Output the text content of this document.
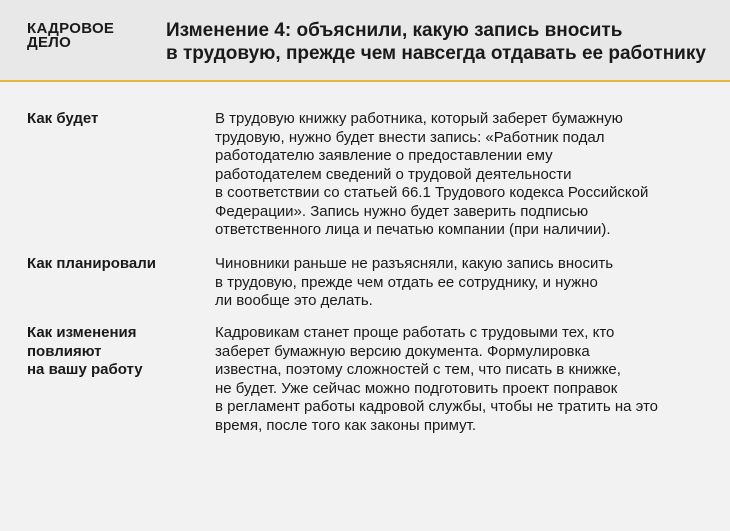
КАДРОВОЕ
ДЕЛО
Изменение 4: объяснили, какую запись вносить
в трудовую, прежде чем навсегда отдавать ее работнику
Как будет	В трудовую книжку работника, который заберет бумажную
трудовую, нужно будет внести запись: «Работник подал
работодателю заявление о предоставлении ему
работодателем сведений о трудовой деятельности
в соответствии со статьей 66.1 Трудового кодекса Российской
Федерации». Запись нужно будет заверить подписью
ответственного лица и печатью компании (при наличии).
Как планировали	Чиновники раньше не разъясняли, какую запись вносить
в трудовую, прежде чем отдать ее сотруднику, и нужно
ли вообще это делать.
Как изменения
повлияют
на вашу работу
Кадровикам станет проще работать с трудовыми тех, кто
заберет бумажную версию документа. Формулировка
известна, поэтому сложностей с тем, что писать в книжке,
не будет. Уже сейчас можно подготовить проект поправок
в регламент работы кадровой службы, чтобы не тратить на это
время, после того как законы примут.
